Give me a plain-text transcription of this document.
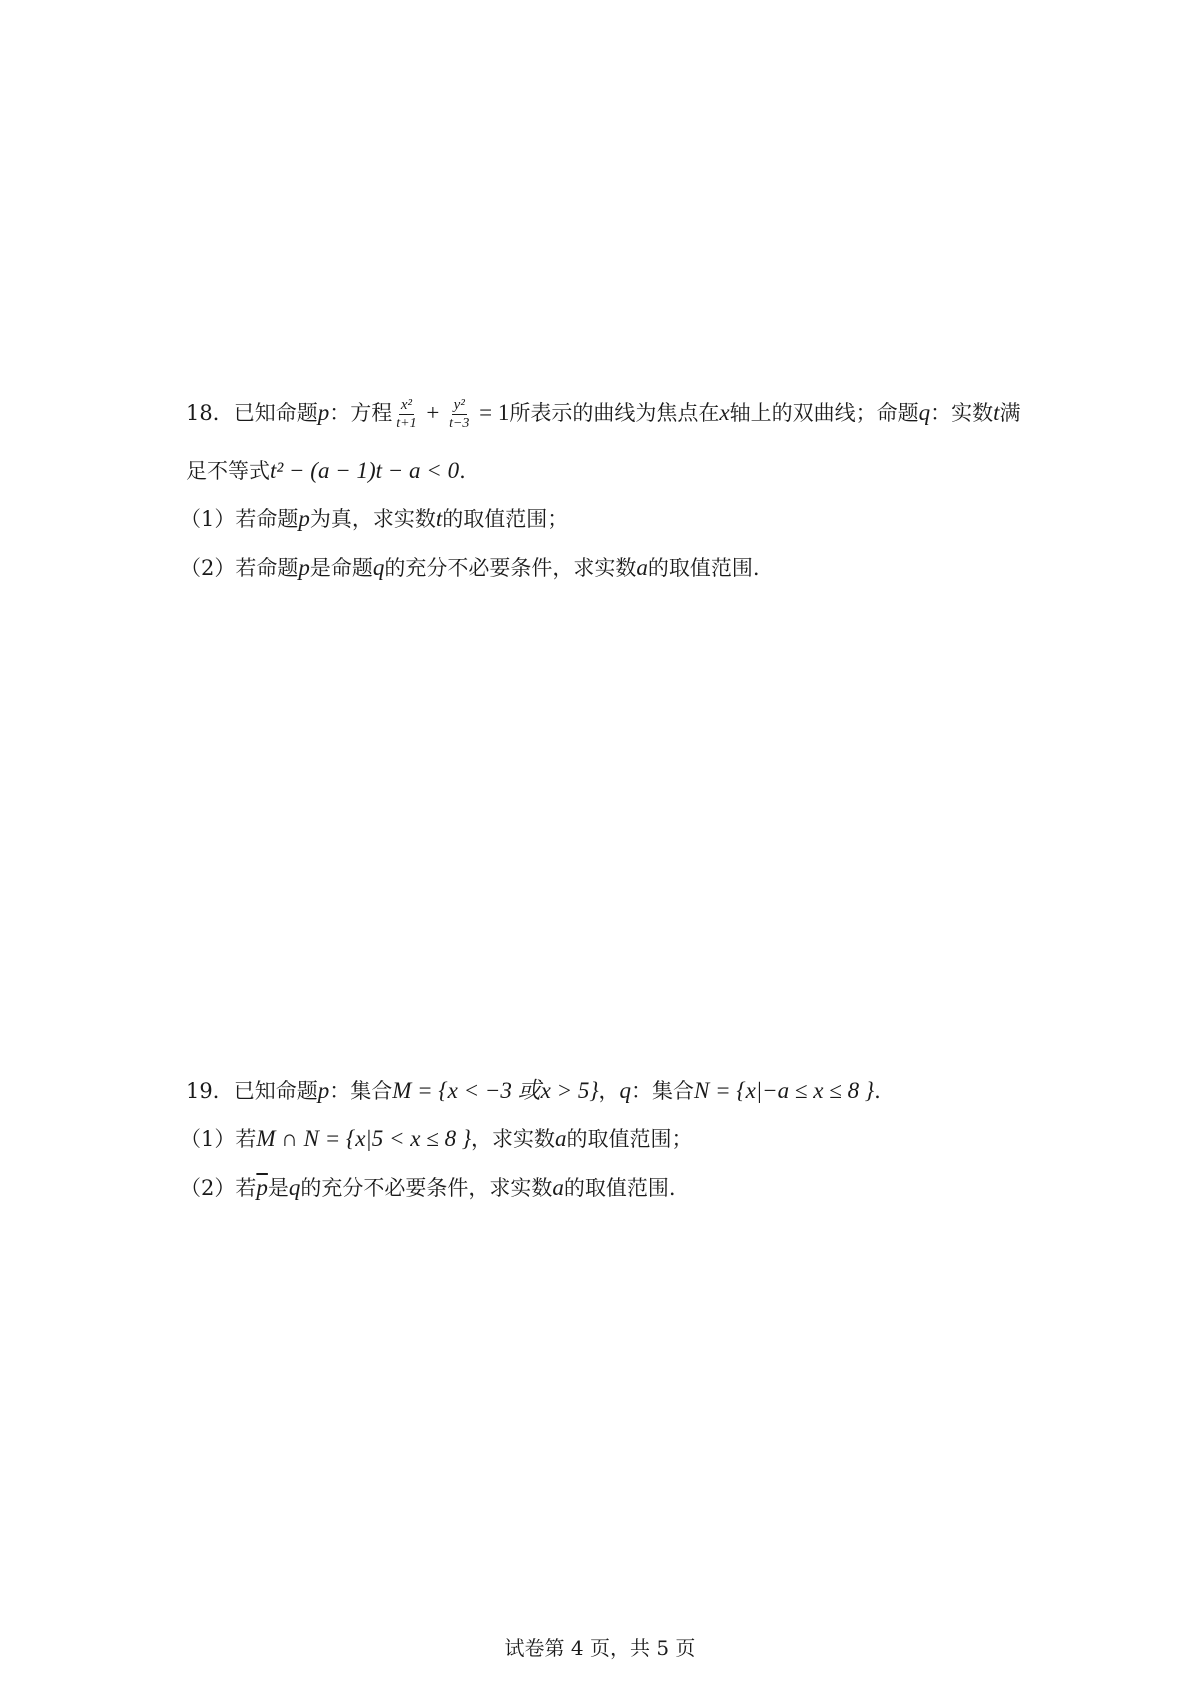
18．已知命题p：方程 $\frac{\text{x²}}{t+1} + \frac{\text{y²}}{t-3} = 1$所表示的曲线为焦点在x轴上的双曲线；命题q：实数t满
足不等式t² − (a − 1)t − a < 0.
（1）若命题p为真，求实数t的取值范围；
（2）若命题p是命题q的充分不必要条件，求实数a的取值范围.
19．已知命题p：集合M = {x < −3 或x > 5}，q：集合N = {x|−a ≤ x ≤ 8 }.
（1）若M ∩ N = {x|5 < x ≤ 8 }，求实数a的取值范围；
（2）若$\overline{p}$是q的充分不必要条件，求实数a的取值范围.
试卷第 4 页，共 5 页
